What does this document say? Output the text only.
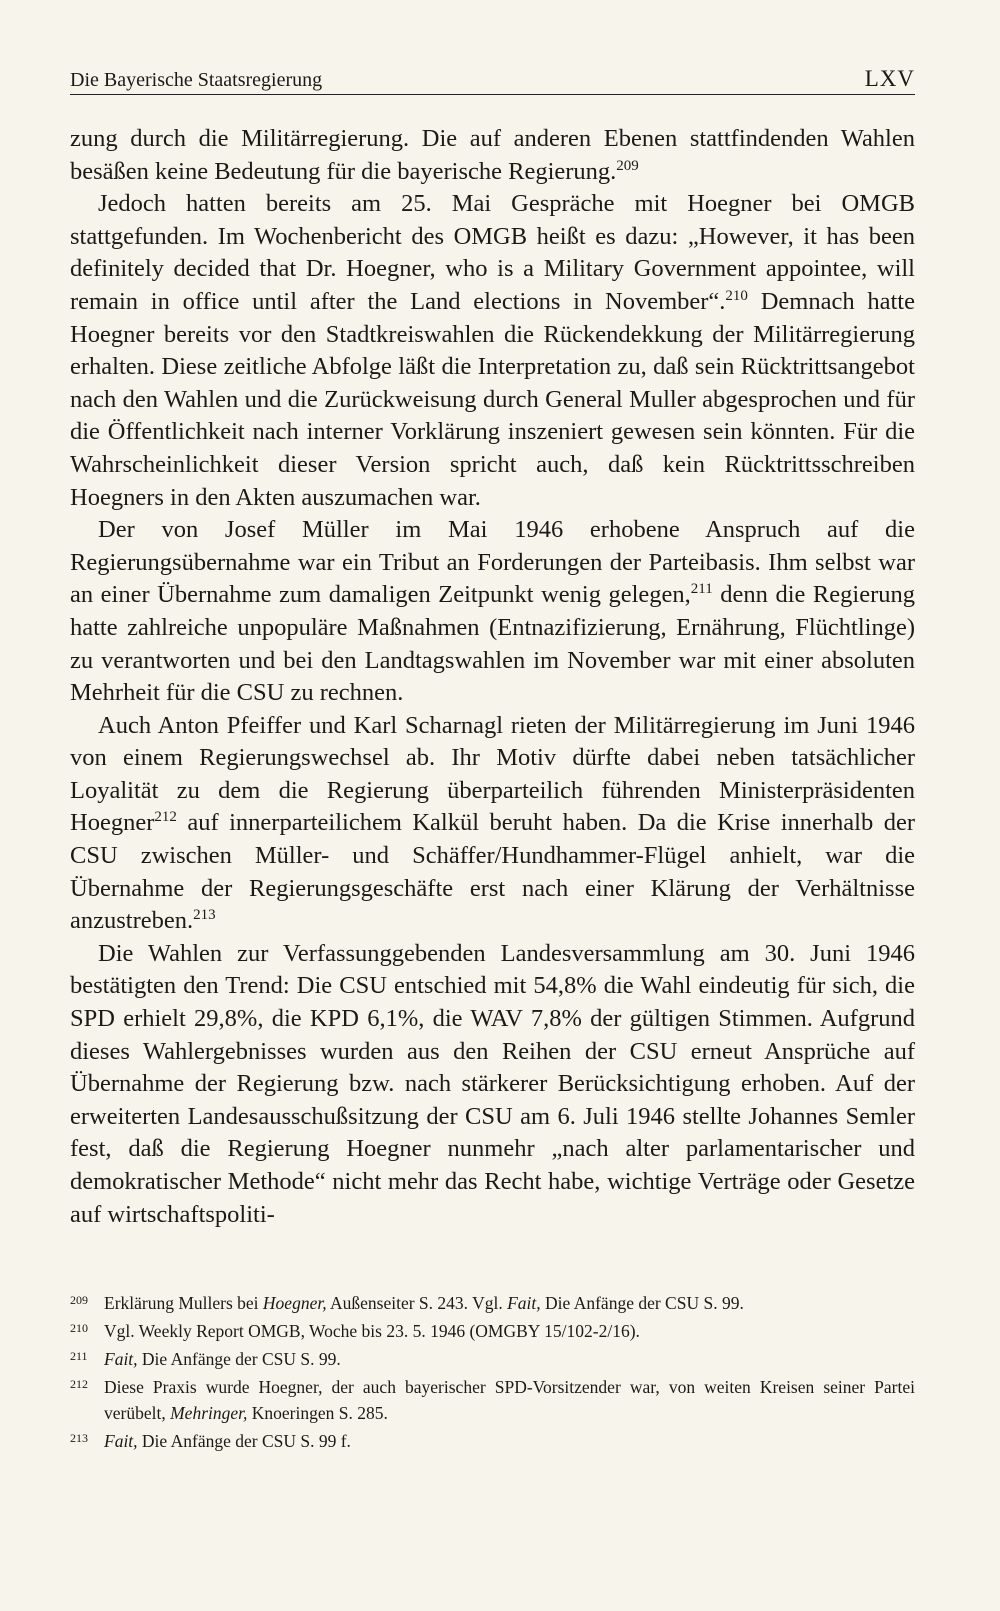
Die Bayerische Staatsregierung	LXV

zung durch die Militärregierung. Die auf anderen Ebenen stattfindenden Wahlen besäßen keine Bedeutung für die bayerische Regierung.$^{209}$

Jedoch hatten bereits am 25. Mai Gespräche mit Hoegner bei OMGB stattgefunden. Im Wochenbericht des OMGB heißt es dazu: „However, it has been definitely decided that Dr. Hoegner, who is a Military Government appointee, will remain in office until after the Land elections in November“.$^{210}$ Demnach hatte Hoegner bereits vor den Stadtkreiswahlen die Rückendekkung der Militärregierung erhalten. Diese zeitliche Abfolge läßt die Interpretation zu, daß sein Rücktrittsangebot nach den Wahlen und die Zurückweisung durch General Muller abgesprochen und für die Öffentlichkeit nach interner Vorklärung inszeniert gewesen sein könnten. Für die Wahrscheinlichkeit dieser Version spricht auch, daß kein Rücktrittsschreiben Hoegners in den Akten auszumachen war.

Der von Josef Müller im Mai 1946 erhobene Anspruch auf die Regierungsübernahme war ein Tribut an Forderungen der Parteibasis. Ihm selbst war an einer Übernahme zum damaligen Zeitpunkt wenig gelegen,$^{211}$ denn die Regierung hatte zahlreiche unpopuläre Maßnahmen (Entnazifizierung, Ernährung, Flüchtlinge) zu verantworten und bei den Landtagswahlen im November war mit einer absoluten Mehrheit für die CSU zu rechnen.

Auch Anton Pfeiffer und Karl Scharnagl rieten der Militärregierung im Juni 1946 von einem Regierungswechsel ab. Ihr Motiv dürfte dabei neben tatsächlicher Loyalität zu dem die Regierung überparteilich führenden Ministerpräsidenten Hoegner$^{212}$ auf innerparteilichem Kalkül beruht haben. Da die Krise innerhalb der CSU zwischen Müller- und Schäffer/Hundhammer-Flügel anhielt, war die Übernahme der Regierungsgeschäfte erst nach einer Klärung der Verhältnisse anzustreben.$^{213}$

Die Wahlen zur Verfassunggebenden Landesversammlung am 30. Juni 1946 bestätigten den Trend: Die CSU entschied mit 54,8% die Wahl eindeutig für sich, die SPD erhielt 29,8%, die KPD 6,1%, die WAV 7,8% der gültigen Stimmen. Aufgrund dieses Wahlergebnisses wurden aus den Reihen der CSU erneut Ansprüche auf Übernahme der Regierung bzw. nach stärkerer Berücksichtigung erhoben. Auf der erweiterten Landesausschußsitzung der CSU am 6. Juli 1946 stellte Johannes Semler fest, daß die Regierung Hoegner nunmehr „nach alter parlamentarischer und demokratischer Methode“ nicht mehr das Recht habe, wichtige Verträge oder Gesetze auf wirtschaftspoliti-

209 Erklärung Mullers bei Hoegner, Außenseiter S. 243. Vgl. Fait, Die Anfänge der CSU S. 99.
210 Vgl. Weekly Report OMGB, Woche bis 23. 5. 1946 (OMGBY 15/102-2/16).
211 Fait, Die Anfänge der CSU S. 99.
212 Diese Praxis wurde Hoegner, der auch bayerischer SPD-Vorsitzender war, von weiten Kreisen seiner Partei verübelt, Mehringer, Knoeringen S. 285.
213 Fait, Die Anfänge der CSU S. 99 f.
